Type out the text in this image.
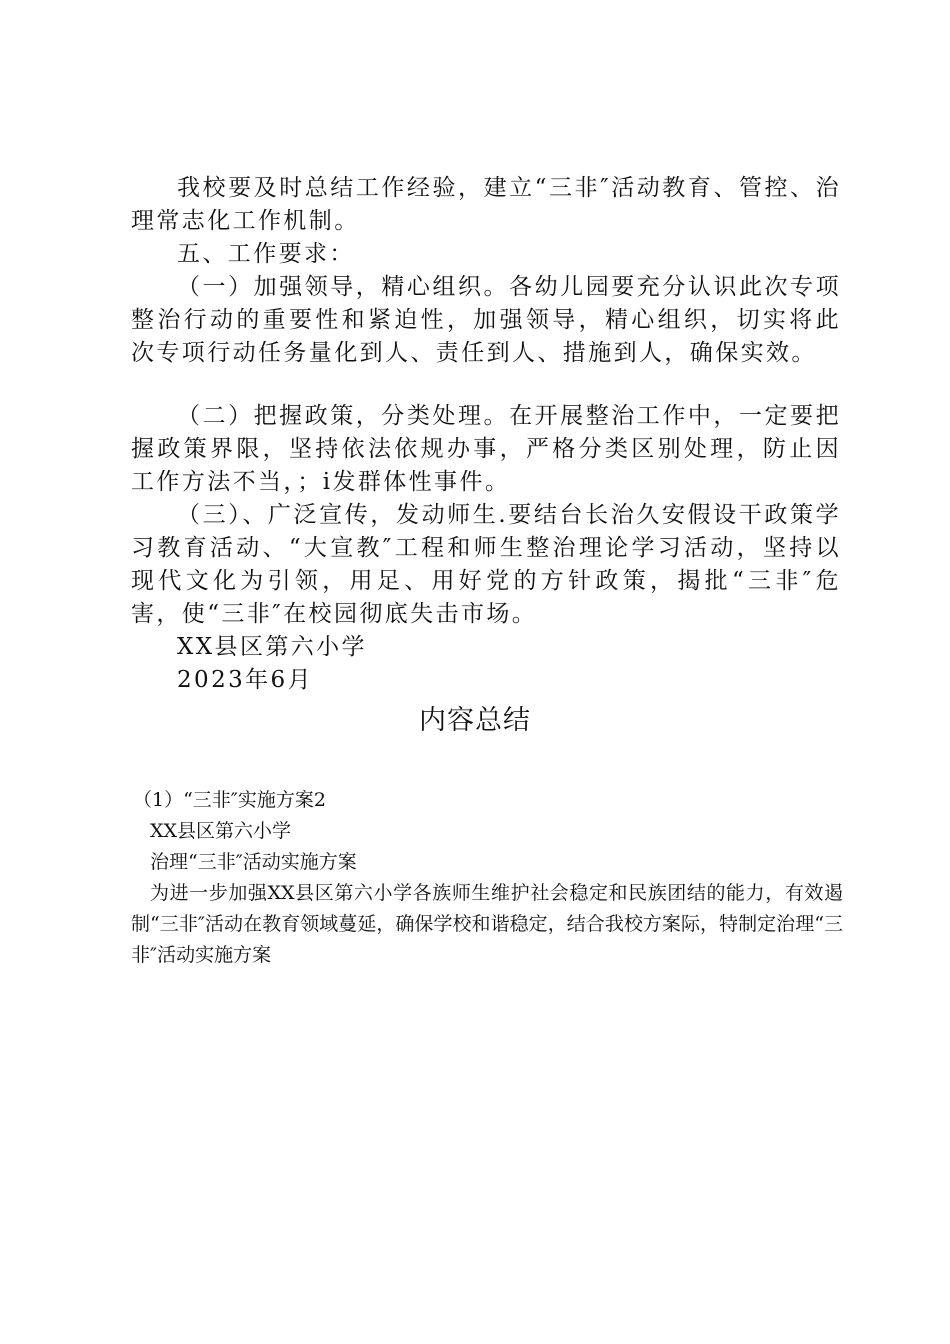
我校要及时总结工作经验，建立“三非″活动教育、管控、治理常志化工作机制。

五、工作要求：

（一）加强领导，精心组织。各幼儿园要充分认识此次专项整治行动的重要性和紧迫性，加强领导，精心组织，切实将此次专项行动任务量化到人、责任到人、措施到人，确保实效。

（二）把握政策，分类处理。在开展整治工作中，一定要把握政策界限，坚持依法依规办事，严格分类区别处理，防止因工作方法不当，；i发群体性事件。

（三）、广泛宣传，发动师生.要结台长治久安假设干政策学习教育活动、“大宣教″工程和师生整治理论学习活动，坚持以现代文化为引领，用足、用好党的方针政策，揭批“三非″危害，使“三非″在校园彻底失击市场。

XX县区第六小学

2023年6月

内容总结

（1）“三非″实施方案2

XX县区第六小学

治理“三非″活动实施方案

为进一步加强XX县区第六小学各族师生维护社会稳定和民族团结的能力，有效遏制“三非″活动在教育领域蔓延，确保学校和谐稳定，结合我校方案际，特制定治理“三非″活动实施方案
